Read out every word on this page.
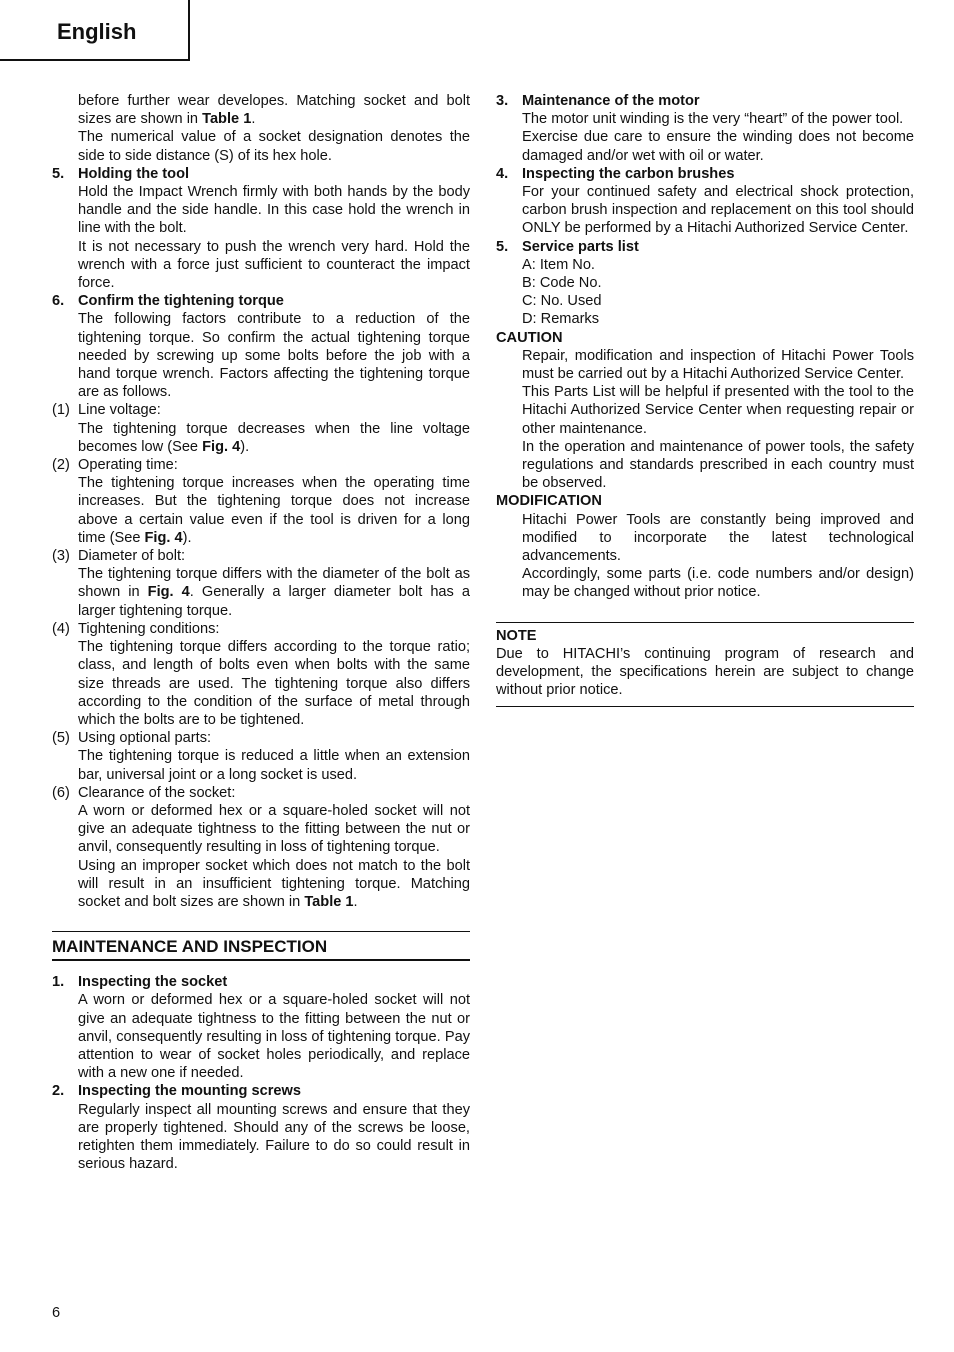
English

before further wear developes. Matching socket and bolt sizes are shown in Table 1.

The numerical value of a socket designation denotes the side to side distance (S) of its hex hole.

5. Holding the tool

Hold the Impact Wrench firmly with both hands by the body handle and the side handle. In this case hold the wrench in line with the bolt.

It is not necessary to push the wrench very hard. Hold the wrench with a force just sufficient to counteract the impact force.

6. Confirm the tightening torque

The following factors contribute to a reduction of the tightening torque. So confirm the actual tightening torque needed by screwing up some bolts before the job with a hand torque wrench. Factors affecting the tightening torque are as follows.

(1) Line voltage:

The tightening torque decreases when the line voltage becomes low (See Fig. 4).

(2) Operating time:

The tightening torque increases when the operating time increases. But the tightening torque does not increase above a certain value even if the tool is driven for a long time (See Fig. 4).

(3) Diameter of bolt:

The tightening torque differs with the diameter of the bolt as shown in Fig. 4. Generally a larger diameter bolt has a larger tightening torque.

(4) Tightening conditions:

The tightening torque differs according to the torque ratio; class, and length of bolts even when bolts with the same size threads are used. The tightening torque also differs according to the condition of the surface of metal through which the bolts are to be tightened.

(5) Using optional parts:

The tightening torque is reduced a little when an extension bar, universal joint or a long socket is used.

(6) Clearance of the socket:

A worn or deformed hex or a square-holed socket will not give an adequate tightness to the fitting between the nut or anvil, consequently resulting in loss of tightening torque.

Using an improper socket which does not match to the bolt will result in an insufficient tightening torque. Matching socket and bolt sizes are shown in Table 1.

MAINTENANCE AND INSPECTION

1. Inspecting the socket

A worn or deformed hex or a square-holed socket will not give an adequate tightness to the fitting between the nut or anvil, consequently resulting in loss of tightening torque. Pay attention to wear of socket holes periodically, and replace with a new one if needed.

2. Inspecting the mounting screws

Regularly inspect all mounting screws and ensure that they are properly tightened. Should any of the screws be loose, retighten them immediately. Failure to do so could result in serious hazard.

3. Maintenance of the motor

The motor unit winding is the very “heart” of the power tool.

Exercise due care to ensure the winding does not become damaged and/or wet with oil or water.

4. Inspecting the carbon brushes

For your continued safety and electrical shock protection, carbon brush inspection and replacement on this tool should ONLY be performed by a Hitachi Authorized Service Center.

5. Service parts list

A: Item No.

B: Code No.

C: No. Used

D: Remarks

CAUTION

Repair, modification and inspection of Hitachi Power Tools must be carried out by a Hitachi Authorized Service Center.

This Parts List will be helpful if presented with the tool to the Hitachi Authorized Service Center when requesting repair or other maintenance.

In the operation and maintenance of power tools, the safety regulations and standards prescribed in each country must be observed.

MODIFICATION

Hitachi Power Tools are constantly being improved and modified to incorporate the latest technological advancements.

Accordingly, some parts (i.e. code numbers and/or design) may be changed without prior notice.

NOTE

Due to HITACHI’s continuing program of research and development, the specifications herein are subject to change without prior notice.

6
